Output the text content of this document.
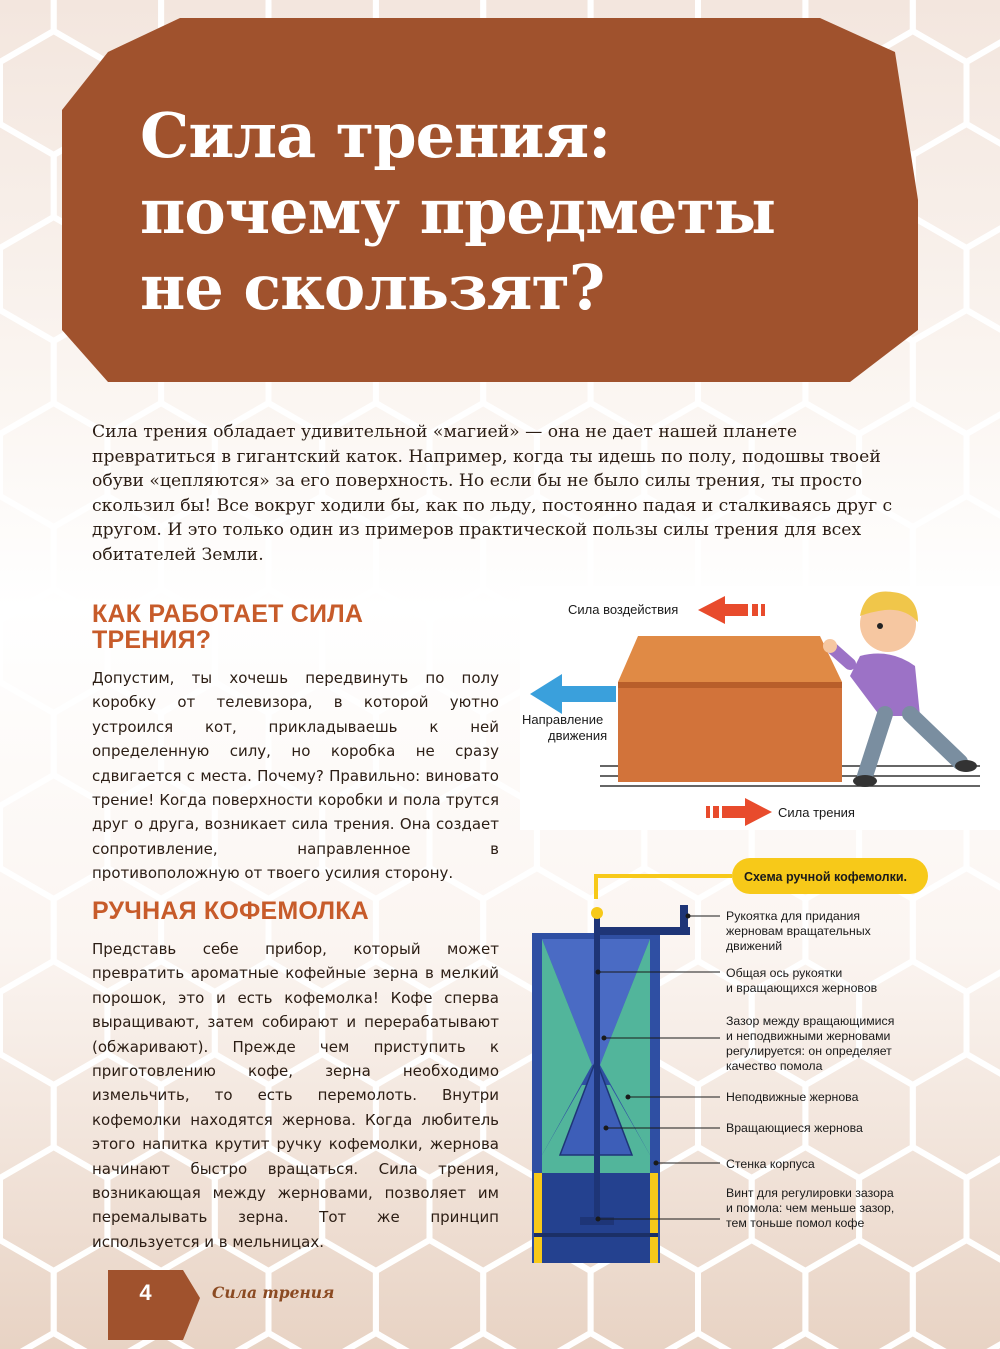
Сила трения:
почему предметы
не скользят?

Сила трения обладает удивительной «магией» — она не дает нашей планете превратиться в гигантский каток. Например, когда ты идешь по полу, подошвы твоей обуви «цепляются» за его поверхность. Но если бы не было силы трения, ты просто скользил бы! Все вокруг ходили бы, как по льду, постоянно падая и сталкиваясь друг с другом. И это только один из примеров практической пользы силы трения для всех обитателей Земли.

КАК РАБОТАЕТ СИЛА
ТРЕНИЯ?

Допустим, ты хочешь передвинуть по полу коробку от телевизора, в которой уютно устроился кот, прикладываешь к ней определенную силу, но коробка не сразу сдвигается с места. Почему? Правильно: виновато трение! Когда поверхности коробки и пола трутся друг о друга, возникает сила трения. Она создает сопротивление, направленное в противоположную от твоего усилия сторону.

Сила воздействия
Направление
движения
Сила трения
РУЧНАЯ КОФЕМОЛКА

Представь себе прибор, который может превратить ароматные кофейные зерна в мелкий порошок, это и есть кофемолка! Кофе сперва выращивают, затем собирают и перерабатывают (обжаривают). Прежде чем приступить к приготовлению кофе, зерна необходимо измельчить, то есть перемолоть. Внутри кофемолки находятся жернова. Когда любитель этого напитка крутит ручку кофемолки, жернова начинают быстро вращаться. Сила трения, возникающая между жерновами, позволяет им перемалывать зерна. Тот же принцип используется и в мельницах.

Схема ручной кофемолки.
Рукоятка для придания
жерновам вращательных
движений
Общая ось рукоятки
и вращающихся жерновов
Зазор между вращающимися
и неподвижными жерновами
регулируется: он определяет
качество помола
Неподвижные жернова
Вращающиеся жернова
Стенка корпуса
Винт для регулировки зазора
и помола: чем меньше зазор,
тем тоньше помол кофе
4	Сила трения
